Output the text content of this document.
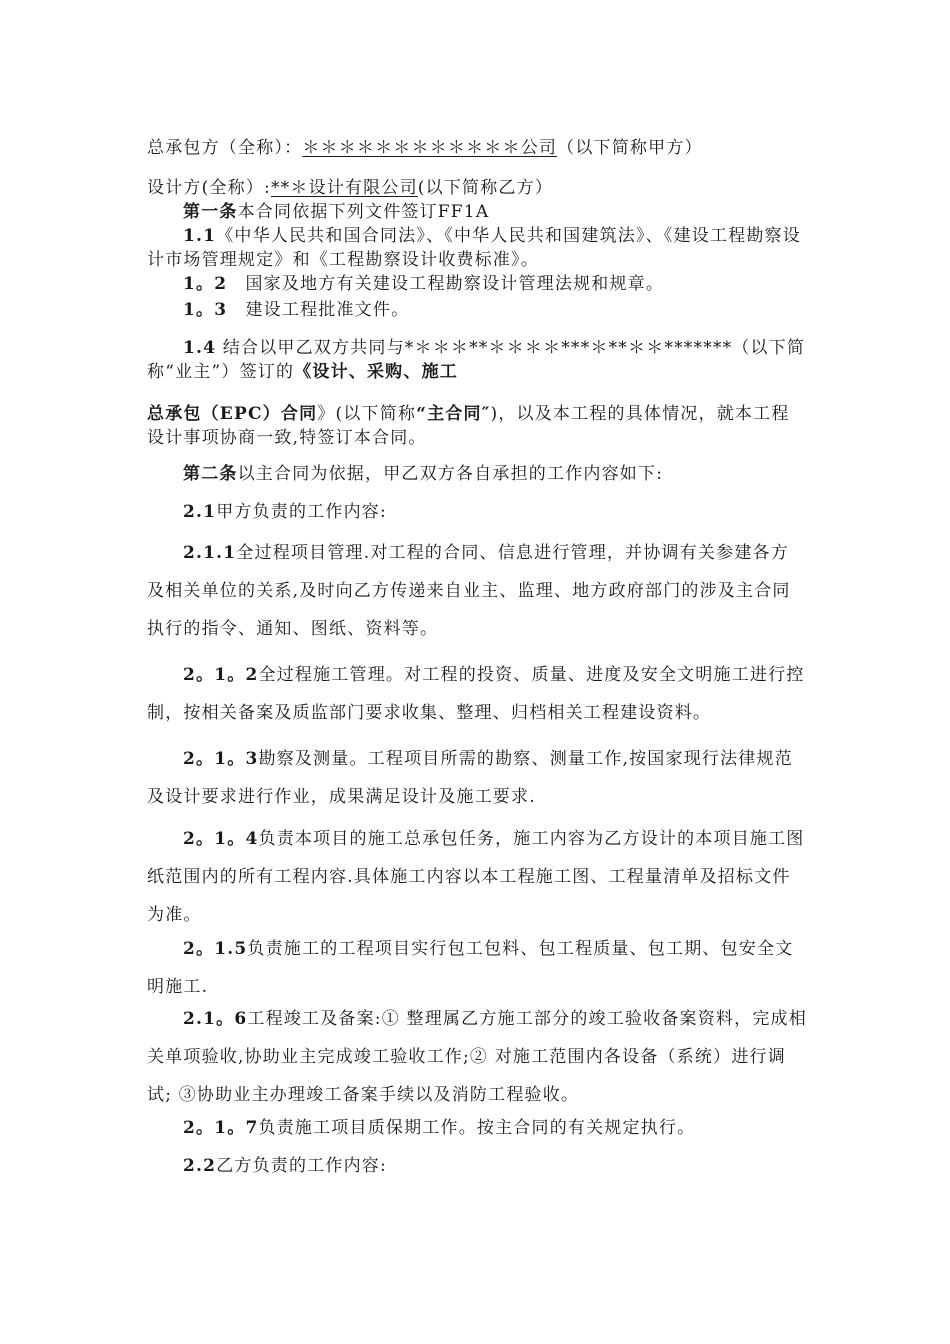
总承包方（全称）：＊＊＊＊＊＊＊＊＊＊＊＊公司（以下简称甲方）

设计方(全称）:**＊设计有限公司(以下简称乙方）

第一条本合同依据下列文件签订FF1A

1.1《中华人民共和国合同法》、《中华人民共和国建筑法》、《建设工程勘察设计市场管理规定》和《工程勘察设计收费标准》。

1。2　国家及地方有关建设工程勘察设计管理法规和规章。

1。3　建设工程批准文件。

1.4 结合以甲乙双方共同与*＊＊＊**＊＊＊＊***＊**＊＊*******（以下简称“业主”）签订的《设计、采购、施工

总承包（EPC）合同》(以下简称“主合同″)，以及本工程的具体情况，就本工程设计事项协商一致,特签订本合同。

第二条以主合同为依据，甲乙双方各自承担的工作内容如下:

2.1甲方负责的工作内容:

2.1.1全过程项目管理.对工程的合同、信息进行管理，并协调有关参建各方及相关单位的关系,及时向乙方传递来自业主、监理、地方政府部门的涉及主合同执行的指令、通知、图纸、资料等。

2。1。2全过程施工管理。对工程的投资、质量、进度及安全文明施工进行控制，按相关备案及质监部门要求收集、整理、归档相关工程建设资料。

2。1。3勘察及测量。工程项目所需的勘察、测量工作,按国家现行法律规范及设计要求进行作业，成果满足设计及施工要求.

2。1。4负责本项目的施工总承包任务，施工内容为乙方设计的本项目施工图纸范围内的所有工程内容.具体施工内容以本工程施工图、工程量清单及招标文件为准。

2。1.5负责施工的工程项目实行包工包料、包工程质量、包工期、包安全文明施工.

2.1。6工程竣工及备案:① 整理属乙方施工部分的竣工验收备案资料，完成相关单项验收,协助业主完成竣工验收工作;② 对施工范围内各设备（系统）进行调试; ③协助业主办理竣工备案手续以及消防工程验收。

2。1。7负责施工项目质保期工作。按主合同的有关规定执行。

2.2乙方负责的工作内容:
